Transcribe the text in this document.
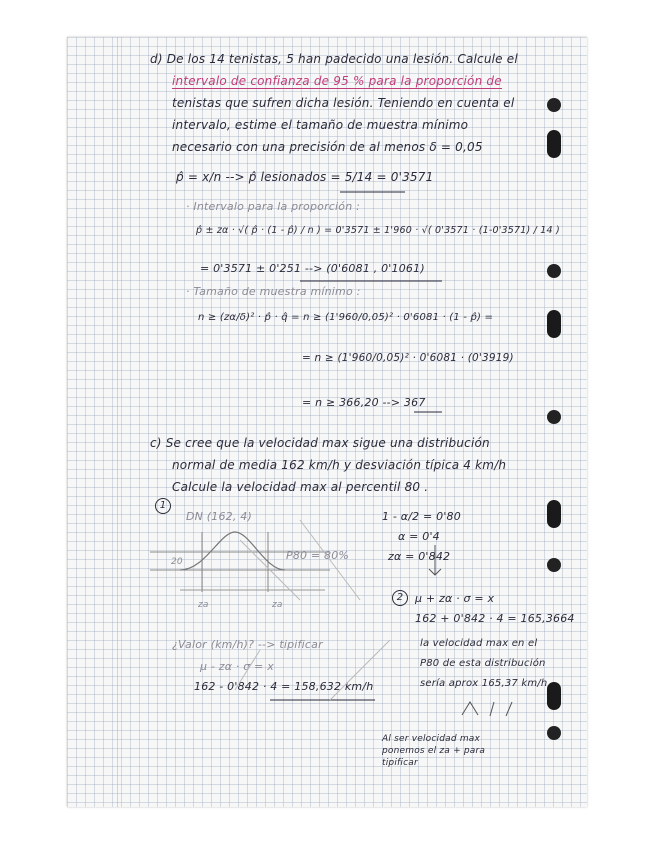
d) De los 14 tenistas, 5 han padecido una lesión. Calcule el
intervalo de confianza de 95 % para la proporción de
tenistas que sufren dicha lesión. Teniendo en cuenta el
intervalo, estime el tamaño de muestra mínimo
necesario con una precisión de al menos δ = 0,05
p̂ = x/n --> p̂ lesionados = 5/14 = 0'3571
· Intervalo para la proporción :
p̂ ± zα · √( p̂ · (1 - p̂) / n ) = 0'3571 ± 1'960 · √( 0'3571 · (1-0'3571) / 14 )
= 0'3571 ± 0'251 --> (0'6081 , 0'1061)
· Tamaño de muestra mínimo :
n ≥ (zα/δ)² · p̂ · q̂ = n ≥ (1'960/0,05)² · 0'6081 · (1 - p̂) =
= n ≥ (1'960/0,05)² · 0'6081 · (0'3919)
= n ≥ 366,20 --> 367
c) Se cree que la velocidad max sigue una distribución
normal de media 162 km/h y desviación típica 4 km/h
Calcule la velocidad max al percentil 80 .
1
DN (162, 4)
20	P80 = 80%
za	za
1 - α/2 = 0'80
α = 0'4
zα = 0'842
2	μ + zα · σ = x
162 + 0'842 · 4 = 165,3664
la velocidad max en el
P80 de esta distribución
sería aprox 165,37 km/h
¿Valor (km/h)? --> tipificar
μ - zα · σ = x
162 - 0'842 · 4 = 158,632 km/h
Al ser velocidad max
ponemos el za + para
tipificar
